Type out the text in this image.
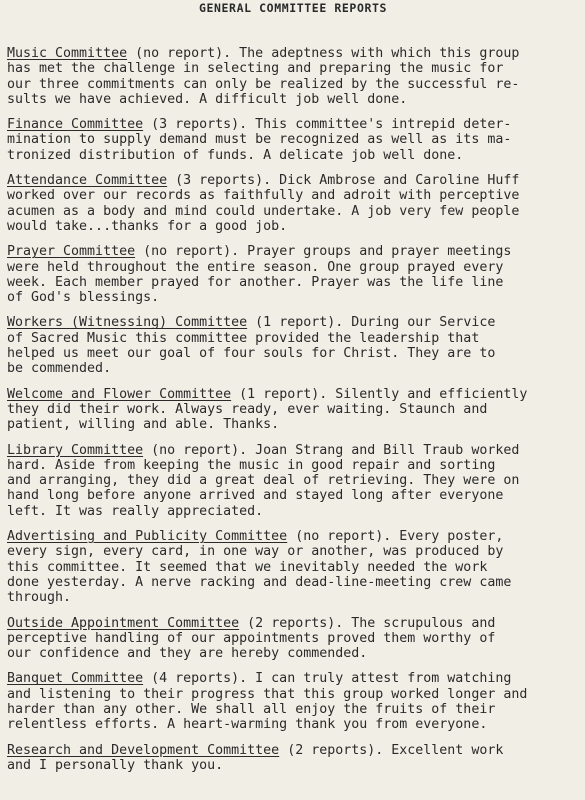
GENERAL COMMITTEE REPORTS

Music Committee (no report). The adeptness with which this group
has met the challenge in selecting and preparing the music for
our three commitments can only be realized by the successful re-
sults we have achieved. A difficult job well done.

Finance Committee (3 reports). This committee's intrepid deter-
mination to supply demand must be recognized as well as its ma-
tronized distribution of funds. A delicate job well done.

Attendance Committee (3 reports). Dick Ambrose and Caroline Huff
worked over our records as faithfully and adroit with perceptive
acumen as a body and mind could undertake. A job very few people
would take...thanks for a good job.

Prayer Committee (no report). Prayer groups and prayer meetings
were held throughout the entire season. One group prayed every
week. Each member prayed for another. Prayer was the life line
of God's blessings.

Workers (Witnessing) Committee (1 report). During our Service
of Sacred Music this committee provided the leadership that
helped us meet our goal of four souls for Christ. They are to
be commended.

Welcome and Flower Committee (1 report). Silently and efficiently
they did their work. Always ready, ever waiting. Staunch and
patient, willing and able. Thanks.

Library Committee (no report). Joan Strang and Bill Traub worked
hard. Aside from keeping the music in good repair and sorting
and arranging, they did a great deal of retrieving. They were on
hand long before anyone arrived and stayed long after everyone
left. It was really appreciated.

Advertising and Publicity Committee (no report). Every poster,
every sign, every card, in one way or another, was produced by
this committee. It seemed that we inevitably needed the work
done yesterday. A nerve racking and dead-line-meeting crew came
through.

Outside Appointment Committee (2 reports). The scrupulous and
perceptive handling of our appointments proved them worthy of
our confidence and they are hereby commended.

Banquet Committee (4 reports). I can truly attest from watching
and listening to their progress that this group worked longer and
harder than any other. We shall all enjoy the fruits of their
relentless efforts. A heart-warming thank you from everyone.

Research and Development Committee (2 reports). Excellent work
and I personally thank you.
